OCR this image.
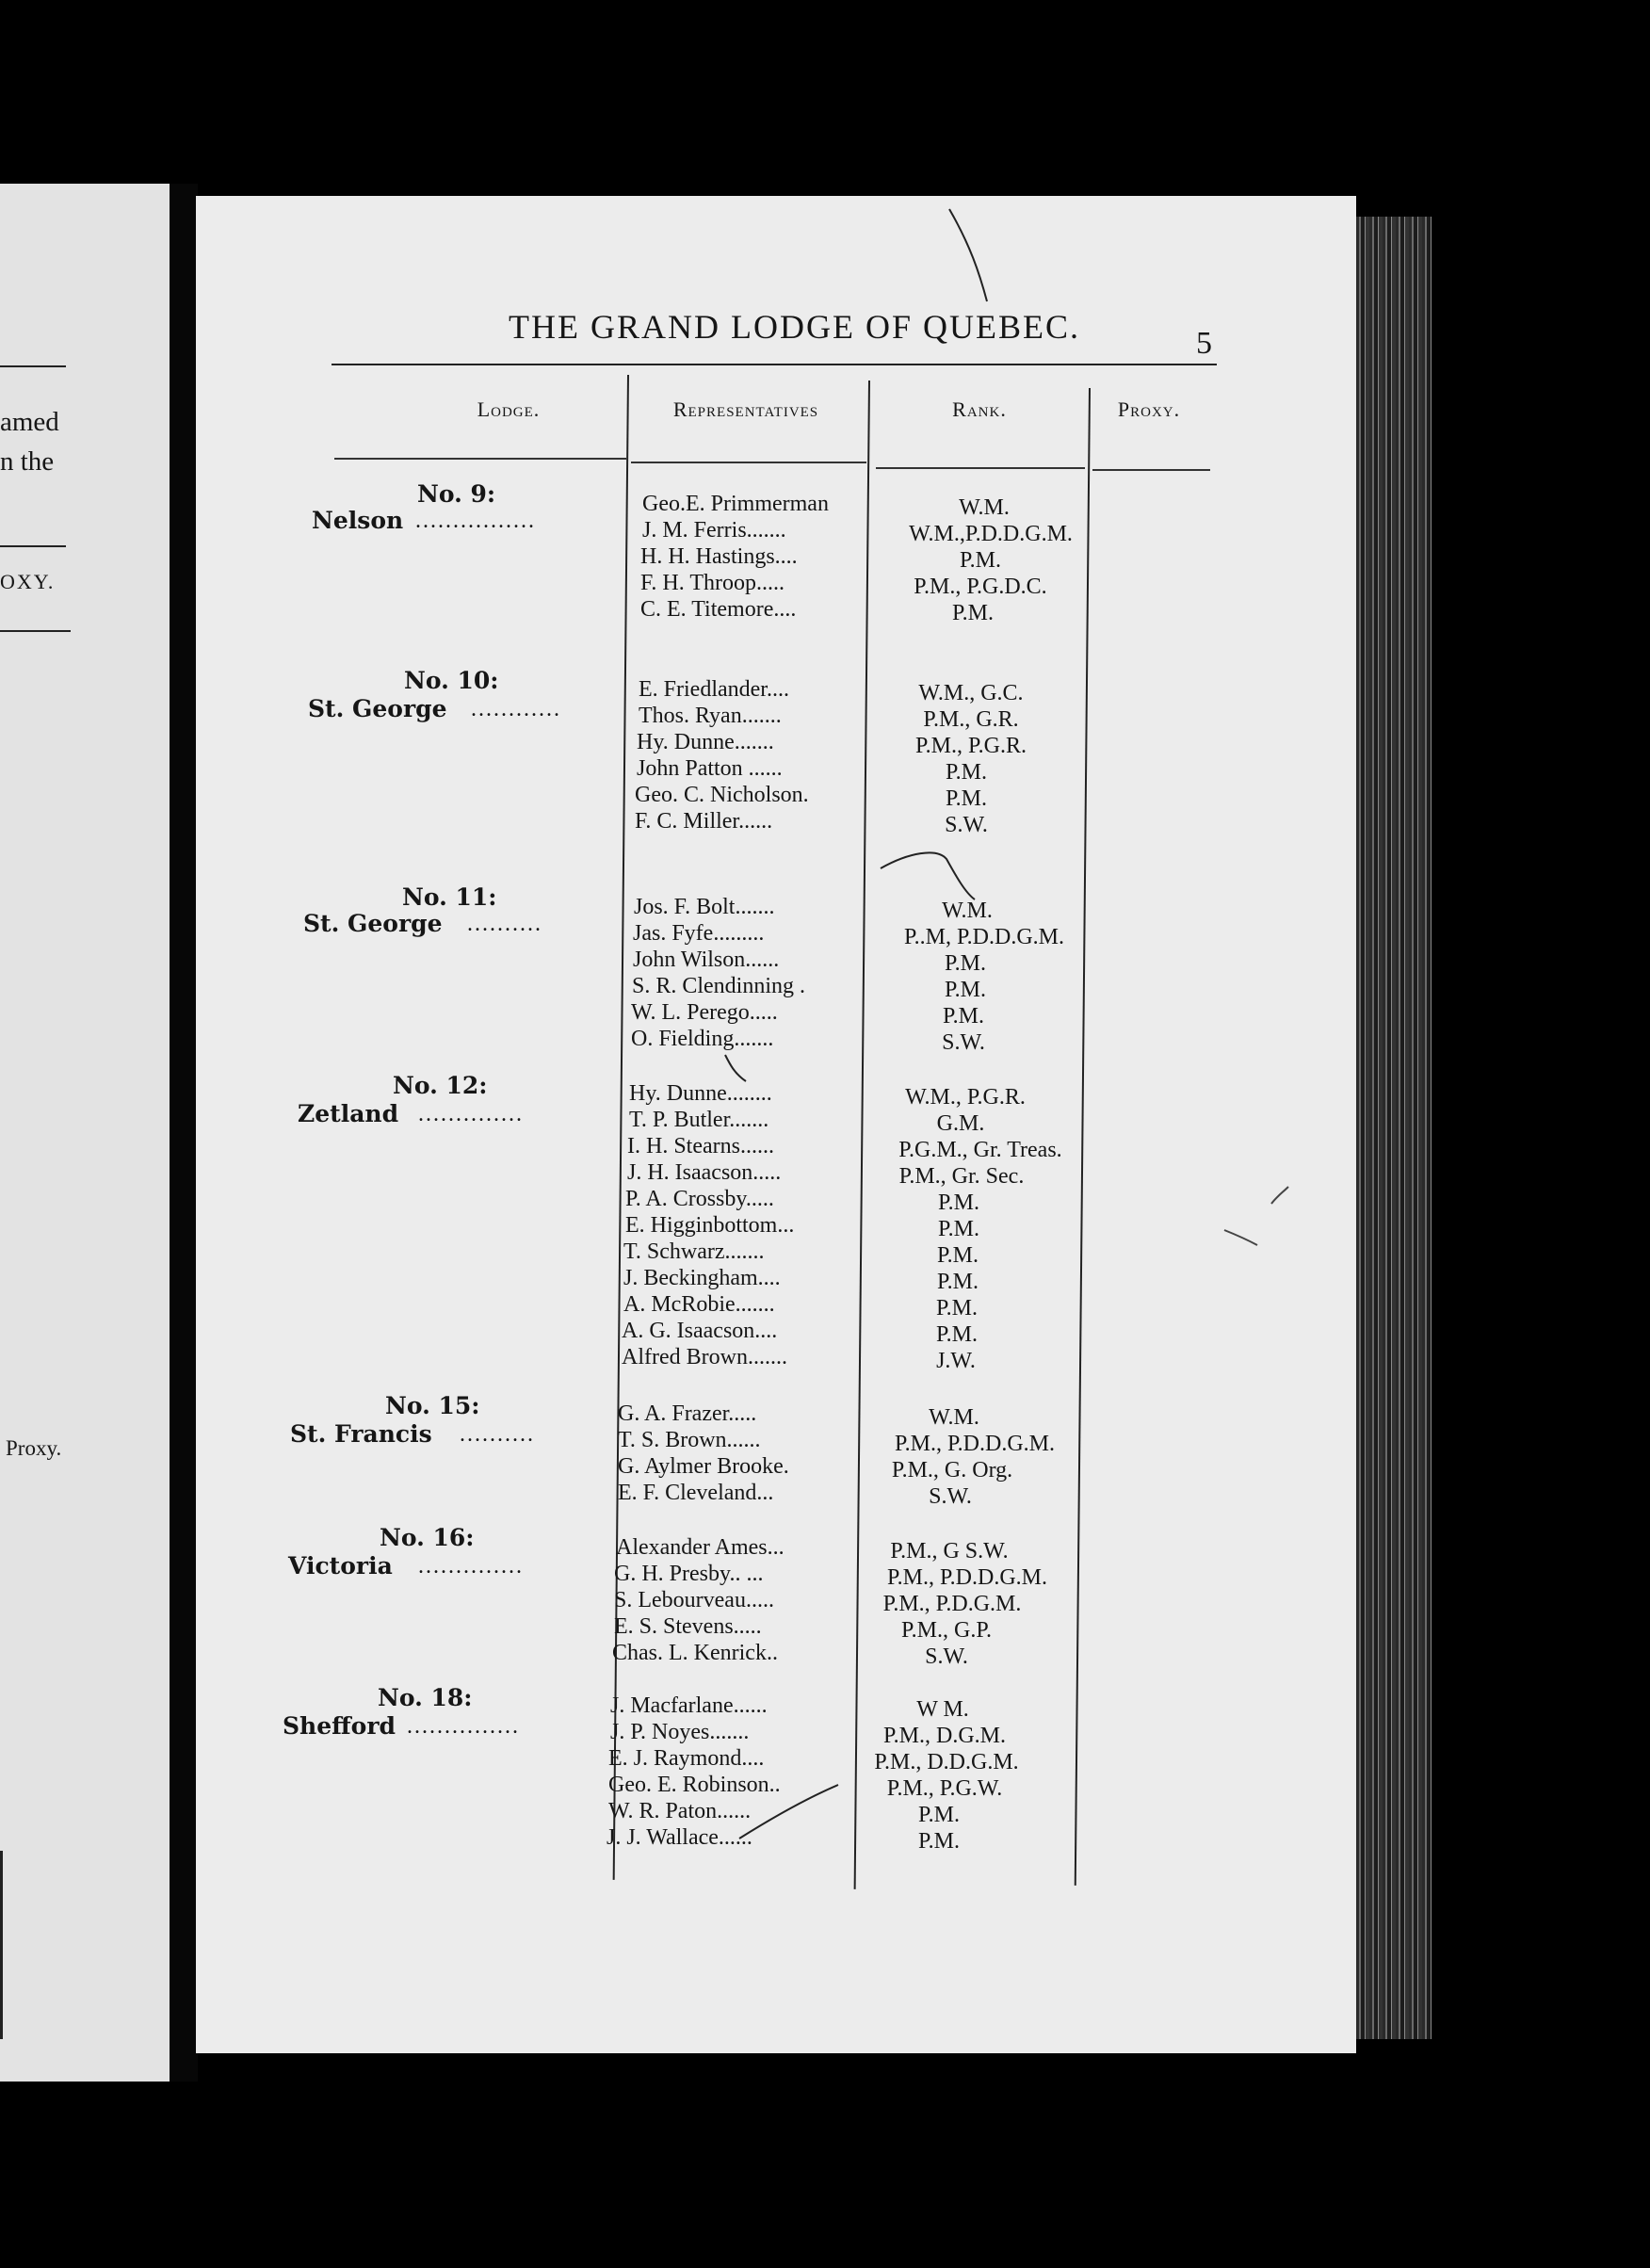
amed
n the
OXY.
Proxy.
THE GRAND LODGE OF QUEBEC.	5
Lodge.	Representatives	Rank.	Proxy.
No. 9:
Nelson ................
Geo.E. Primmerman	W.M.
J. M. Ferris.......	W.M.,P.D.D.G.M.
H. H. Hastings....	P.M.
F. H. Throop.....	P.M., P.G.D.C.
C. E. Titemore....	P.M.
No. 10:
St. George ............
E. Friedlander....	W.M., G.C.
Thos. Ryan.......	P.M., G.R.
Hy. Dunne.......	P.M., P.G.R.
John Patton ......	P.M.
Geo. C. Nicholson.	P.M.
F. C. Miller......	S.W.
No. 11:
St. George ..........
Jos. F. Bolt.......	W.M.
Jas. Fyfe.........	P..M, P.D.D.G.M.
John Wilson......	P.M.
S. R. Clendinning .	P.M.
W. L. Perego.....	P.M.
O. Fielding.......	S.W.
No. 12:
Zetland ..............
Hy. Dunne........	W.M., P.G.R.
T. P. Butler.......	G.M.
I. H. Stearns......	P.G.M., Gr. Treas.
J. H. Isaacson.....	P.M., Gr. Sec.
P. A. Crossby.....	P.M.
E. Higginbottom...	P.M.
T. Schwarz.......	P.M.
J. Beckingham....	P.M.
A. McRobie.......	P.M.
A. G. Isaacson....	P.M.
Alfred Brown.......	J.W.
No. 15:
St. Francis ..........
G. A. Frazer.....	W.M.
T. S. Brown......	P.M., P.D.D.G.M.
G. Aylmer Brooke.	P.M., G. Org.
E. F. Cleveland...	S.W.
No. 16:
Victoria ..............
Alexander Ames...	P.M., G S.W.
G. H. Presby.. ...	P.M., P.D.D.G.M.
S. Lebourveau.....	P.M., P.D.G.M.
E. S. Stevens.....	P.M., G.P.
Chas. L. Kenrick..	S.W.
No. 18:
Shefford ...............
J. Macfarlane......	W M.
J. P. Noyes.......	P.M., D.G.M.
E. J. Raymond....	P.M., D.D.G.M.
Geo. E. Robinson..	P.M., P.G.W.
W. R. Paton......	P.M.
J. J. Wallace......	P.M.
